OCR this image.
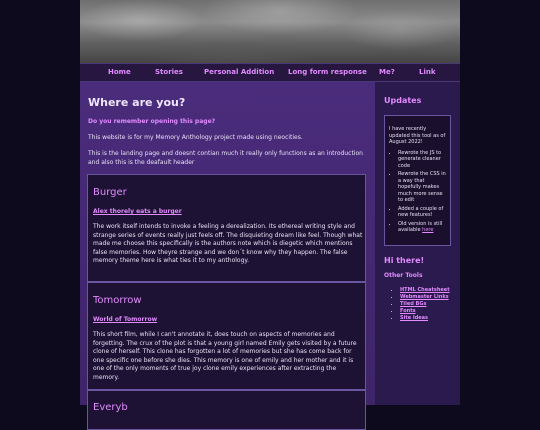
Home	Stories	Personal Addition Long form response Me?	Link
Where are you?
Do you remember opening this page?
This website is for my Memory Anthology project made using neocities.
This is the landing page and doesnt contian much it really only functions as an introduction and also this is the deafault header
Burger
Alex thorely eats a burger
The work itself intends to invoke a feeling a derealization. Its ethereal writing style and strange series of events really just feels off. The disquieting dream like feel. Though what made me choose this specifically is the authors note which is diegetic which mentions false memories. How theyre strange and we don´t know why they happen. The false memory theme here is what ties it to my anthology.
Tomorrow
World of Tomorrow
This short film, while I can't annotate it, does touch on aspects of memories and forgetting. The crux of the plot is that a young girl named Emily gets visited by a future clone of herself. This clone has forgotten a lot of memories but she has come back for one specific one before she dies. This memory is one of emily and her mother and it is one of the only moments of true joy clone emily experiences after extracting the memory.
Everyb
Updates
I have recently updated this tool as of August 2022!
• Rewrote the JS to generate cleaner code
• Rewrote the CSS in a way that hopefully makes much more sense to edit
• Added a couple of new features!
• Old version is still available here
Hi there!
Other Tools
• HTML Cheatsheet
• Webmaster Links
• Tiled BGs
• Fonts
• Site Ideas
